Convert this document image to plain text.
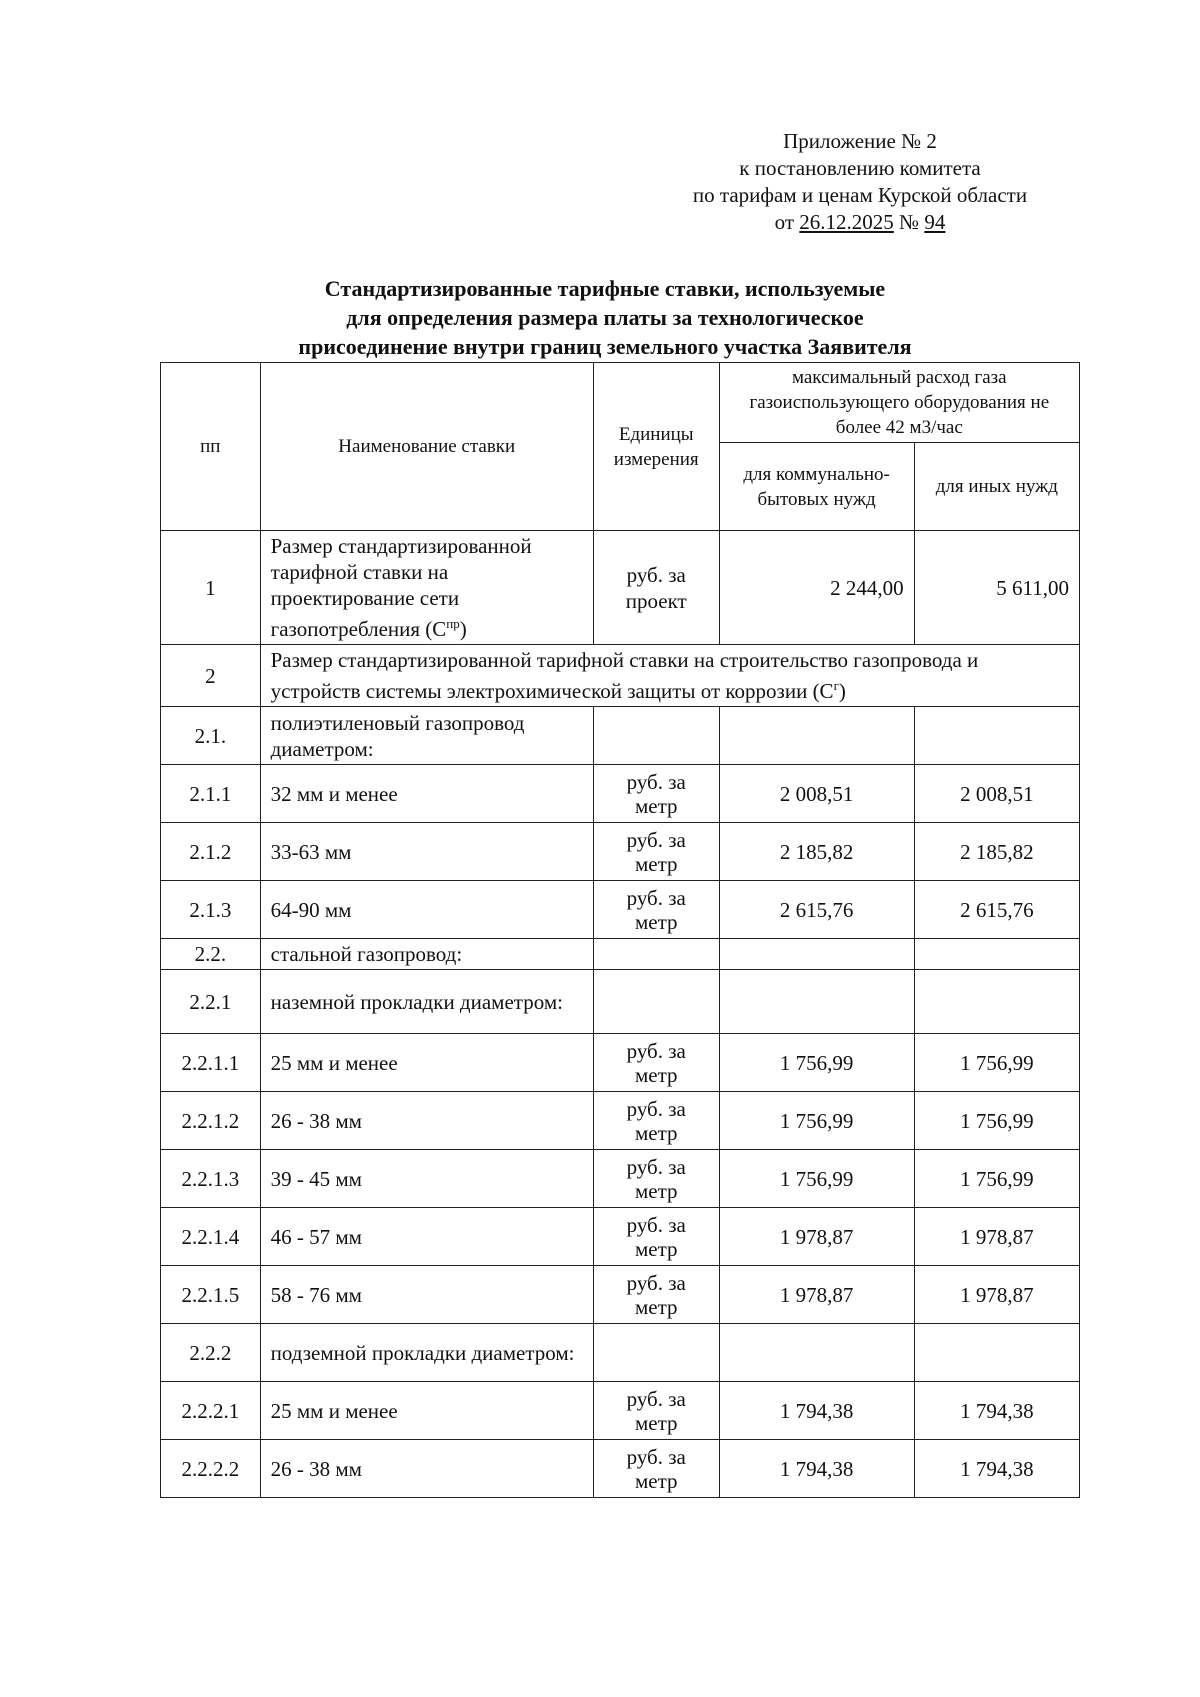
Приложение № 2
к постановлению комитета
по тарифам и ценам Курской области
от 26.12.2025 № 94
Стандартизированные тарифные ставки, используемые
для определения размера платы за технологическое
присоединение внутри границ земельного участка Заявителя
пп	Наименование ставки	Единицы измерения	максимальный расход газа газоиспользующего оборудования не более 42 м3/час	
			для коммунально-бытовых нужд	для иных нужд
1	Размер стандартизированной тарифной ставки на проектирование сети газопотребления $(С^{пр})$	руб. за проект	2 244,00	5 611,00
2	Размер стандартизированной тарифной ставки на строительство газопровода и устройств системы электрохимической защиты от коррозии $(С^г)$			
2.1.	полиэтиленовый газопровод диаметром:			
2.1.1	32 мм и менее	руб. за метр	2 008,51	2 008,51
2.1.2	33-63 мм	руб. за метр	2 185,82	2 185,82
2.1.3	64-90 мм	руб. за метр	2 615,76	2 615,76
2.2.	стальной газопровод:			
2.2.1	наземной прокладки диаметром:			
2.2.1.1	25 мм и менее	руб. за метр	1 756,99	1 756,99
2.2.1.2	26 - 38 мм	руб. за метр	1 756,99	1 756,99
2.2.1.3	39 - 45 мм	руб. за метр	1 756,99	1 756,99
2.2.1.4	46 - 57 мм	руб. за метр	1 978,87	1 978,87
2.2.1.5	58 - 76 мм	руб. за метр	1 978,87	1 978,87
2.2.2	подземной прокладки диаметром:			
2.2.2.1	25 мм и менее	руб. за метр	1 794,38	1 794,38
2.2.2.2	26 - 38 мм	руб. за метр	1 794,38	1 794,38
